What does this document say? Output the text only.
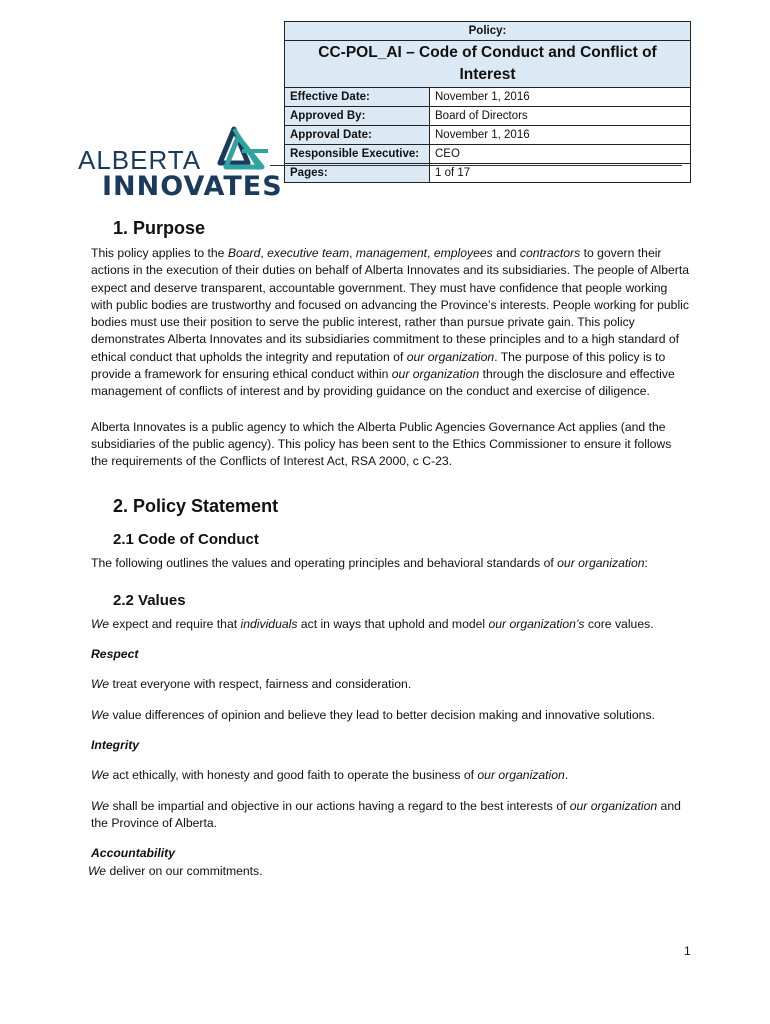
Policy:	
CC-POL_AI – Code of Conduct and Conflict of Interest	
Effective Date:	November 1, 2016
Approved By:	Board of Directors
Approval Date:	November 1, 2016
Responsible Executive:	CEO
Pages:	1 of 17
ALBERTA
INNOVATES
1. Purpose

This policy applies to the Board, executive team, management, employees and contractors to govern their actions in the execution of their duties on behalf of Alberta Innovates and its subsidiaries. The people of Alberta expect and deserve transparent, accountable government. They must have confidence that people working with public bodies are trustworthy and focused on advancing the Province’s interests. People working for public bodies must use their position to serve the public interest, rather than pursue private gain. This policy demonstrates Alberta Innovates and its subsidiaries commitment to these principles and to a high standard of ethical conduct that upholds the integrity and reputation of our organization. The purpose of this policy is to provide a framework for ensuring ethical conduct within our organization through the disclosure and effective management of conflicts of interest and by providing guidance on the conduct and exercise of diligence.

Alberta Innovates is a public agency to which the Alberta Public Agencies Governance Act applies (and the subsidiaries of the public agency). This policy has been sent to the Ethics Commissioner to ensure it follows the requirements of the Conflicts of Interest Act, RSA 2000, c C-23.

2. Policy Statement
2.1 Code of Conduct

The following outlines the values and operating principles and behavioral standards of our organization:

2.2 Values

We expect and require that individuals act in ways that uphold and model our organization’s core values.

Respect

We treat everyone with respect, fairness and consideration.

We value differences of opinion and believe they lead to better decision making and innovative solutions.

Integrity

We act ethically, with honesty and good faith to operate the business of our organization.

We shall be impartial and objective in our actions having a regard to the best interests of our organization and the Province of Alberta.

Accountability

We deliver on our commitments.

1
